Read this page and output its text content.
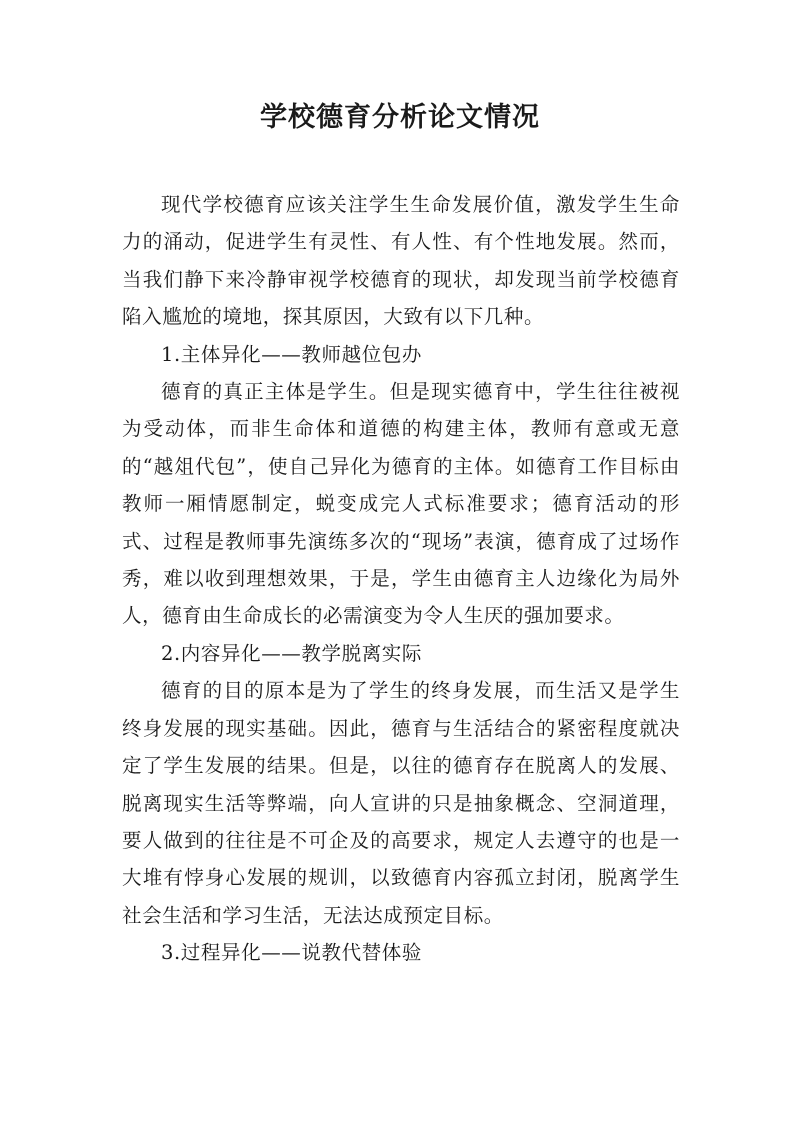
学校德育分析论文情况

现代学校德育应该关注学生生命发展价值，激发学生生命力的涌动，促进学生有灵性、有人性、有个性地发展。然而，当我们静下来冷静审视学校德育的现状，却发现当前学校德育陷入尴尬的境地，探其原因，大致有以下几种。

1.主体异化——教师越位包办

德育的真正主体是学生。但是现实德育中，学生往往被视为受动体，而非生命体和道德的构建主体，教师有意或无意的“越俎代包”，使自己异化为德育的主体。如德育工作目标由教师一厢情愿制定，蜕变成完人式标准要求；德育活动的形式、过程是教师事先演练多次的“现场”表演，德育成了过场作秀，难以收到理想效果，于是，学生由德育主人边缘化为局外人，德育由生命成长的必需演变为令人生厌的强加要求。

2.内容异化——教学脱离实际

德育的目的原本是为了学生的终身发展，而生活又是学生终身发展的现实基础。因此，德育与生活结合的紧密程度就决定了学生发展的结果。但是，以往的德育存在脱离人的发展、脱离现实生活等弊端，向人宣讲的只是抽象概念、空洞道理，要人做到的往往是不可企及的高要求，规定人去遵守的也是一大堆有悖身心发展的规训，以致德育内容孤立封闭，脱离学生社会生活和学习生活，无法达成预定目标。

3.过程异化——说教代替体验
